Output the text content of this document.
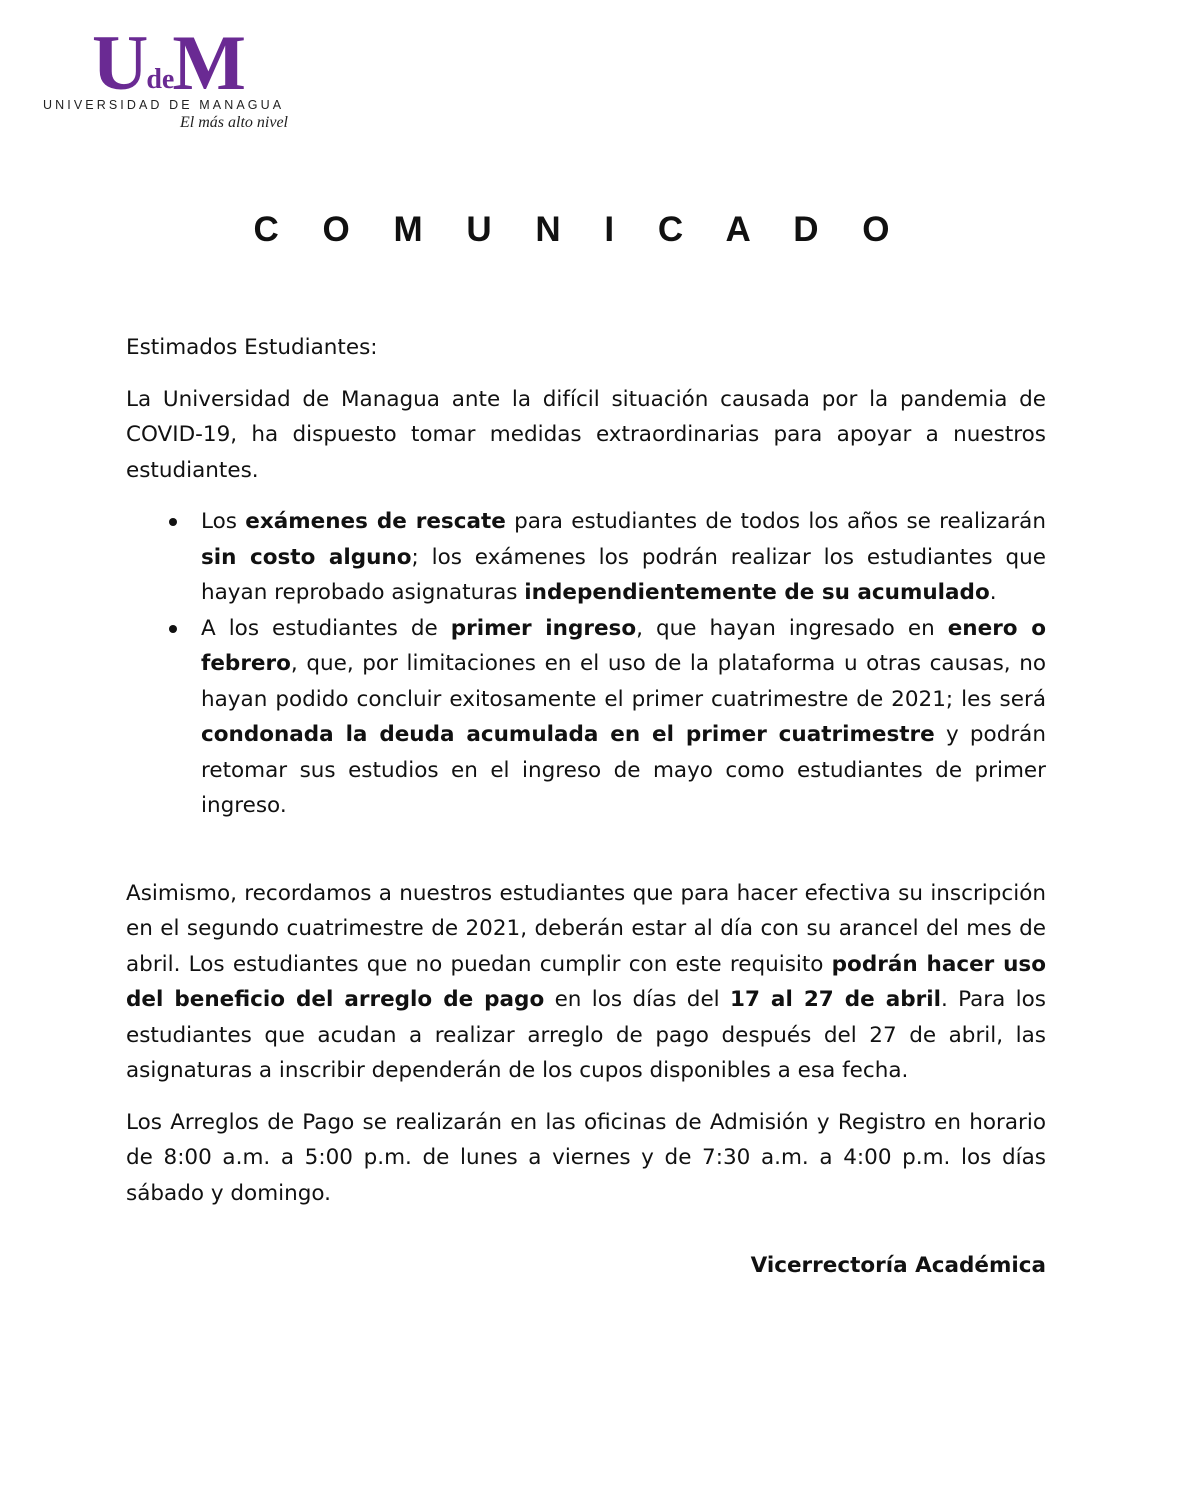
UdeM
UNIVERSIDAD DE MANAGUA
El más alto nivel
C O M U N I C A D O

Estimados Estudiantes:

La Universidad de Managua ante la difícil situación causada por la pandemia de COVID-19, ha dispuesto tomar medidas extraordinarias para apoyar a nuestros estudiantes.

Los exámenes de rescate para estudiantes de todos los años se realizarán sin costo alguno; los exámenes los podrán realizar los estudiantes que hayan reprobado asignaturas independientemente de su acumulado.
A los estudiantes de primer ingreso, que hayan ingresado en enero o febrero, que, por limitaciones en el uso de la plataforma u otras causas, no hayan podido concluir exitosamente el primer cuatrimestre de 2021; les será condonada la deuda acumulada en el primer cuatrimestre y podrán retomar sus estudios en el ingreso de mayo como estudiantes de primer ingreso.

Asimismo, recordamos a nuestros estudiantes que para hacer efectiva su inscripción en el segundo cuatrimestre de 2021, deberán estar al día con su arancel del mes de abril. Los estudiantes que no puedan cumplir con este requisito podrán hacer uso del beneficio del arreglo de pago en los días del 17 al 27 de abril. Para los estudiantes que acudan a realizar arreglo de pago después del 27 de abril, las asignaturas a inscribir dependerán de los cupos disponibles a esa fecha.

Los Arreglos de Pago se realizarán en las oficinas de Admisión y Registro en horario de 8:00 a.m. a 5:00 p.m. de lunes a viernes y de 7:30 a.m. a 4:00 p.m. los días sábado y domingo.

Vicerrectoría Académica
